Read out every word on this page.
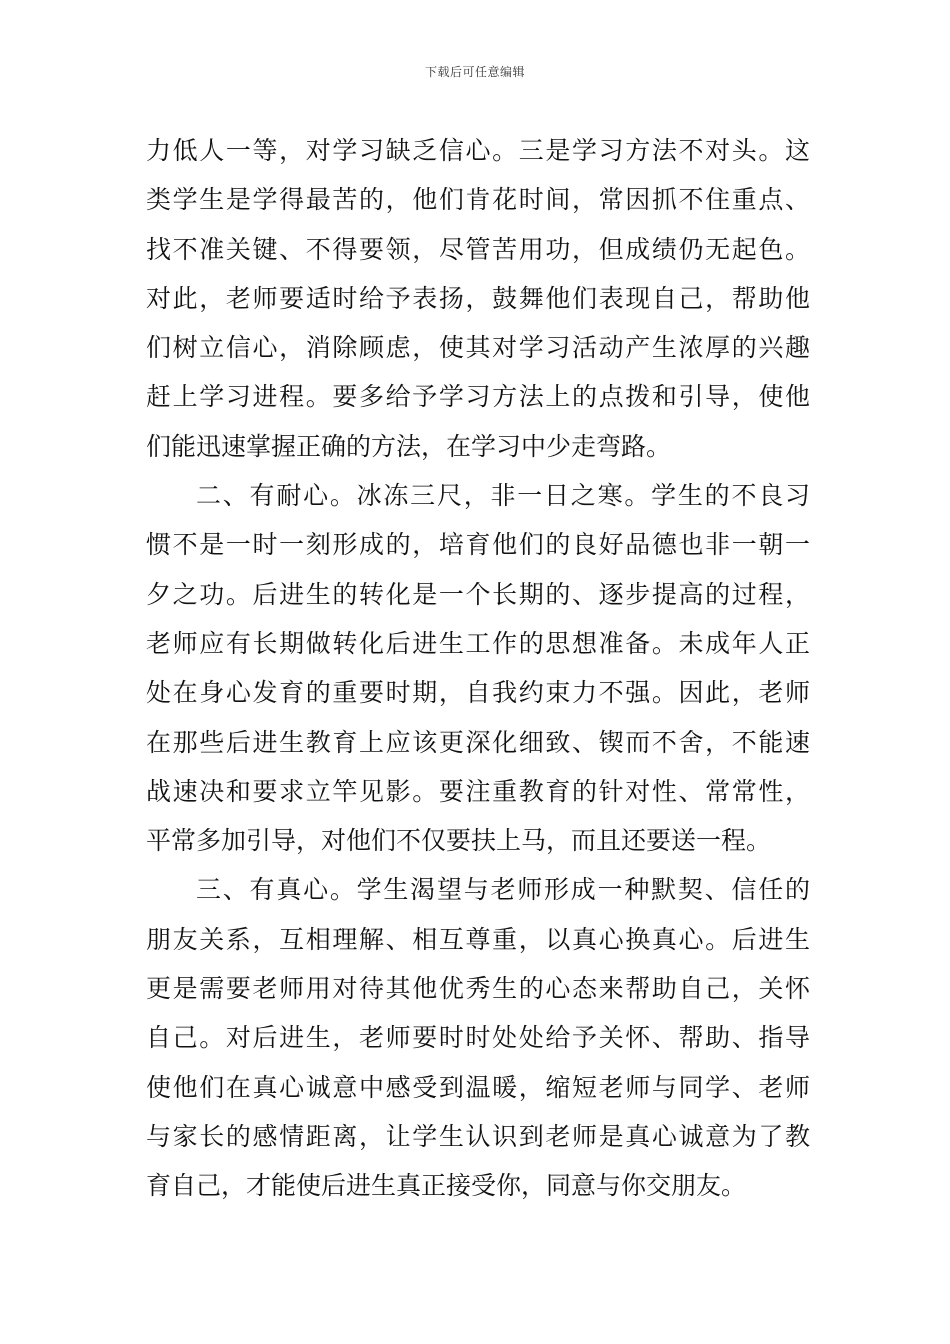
下载后可任意编辑
力低人一等，对学习缺乏信心。三是学习方法不对头。这
类学生是学得最苦的，他们肯花时间，常因抓不住重点、
找不准关键、不得要领，尽管苦用功，但成绩仍无起色。
对此，老师要适时给予表扬，鼓舞他们表现自己，帮助他
们树立信心，消除顾虑，使其对学习活动产生浓厚的兴趣
赶上学习进程。要多给予学习方法上的点拨和引导，使他
们能迅速掌握正确的方法，在学习中少走弯路。
二、有耐心。冰冻三尺，非一日之寒。学生的不良习
惯不是一时一刻形成的，培育他们的良好品德也非一朝一
夕之功。后进生的转化是一个长期的、逐步提高的过程，
老师应有长期做转化后进生工作的思想准备。未成年人正
处在身心发育的重要时期，自我约束力不强。因此，老师
在那些后进生教育上应该更深化细致、锲而不舍，不能速
战速决和要求立竿见影。要注重教育的针对性、常常性，
平常多加引导，对他们不仅要扶上马，而且还要送一程。
三、有真心。学生渴望与老师形成一种默契、信任的
朋友关系，互相理解、相互尊重，以真心换真心。后进生
更是需要老师用对待其他优秀生的心态来帮助自己，关怀
自己。对后进生，老师要时时处处给予关怀、帮助、指导
使他们在真心诚意中感受到温暖，缩短老师与同学、老师
与家长的感情距离，让学生认识到老师是真心诚意为了教
育自己，才能使后进生真正接受你，同意与你交朋友。
